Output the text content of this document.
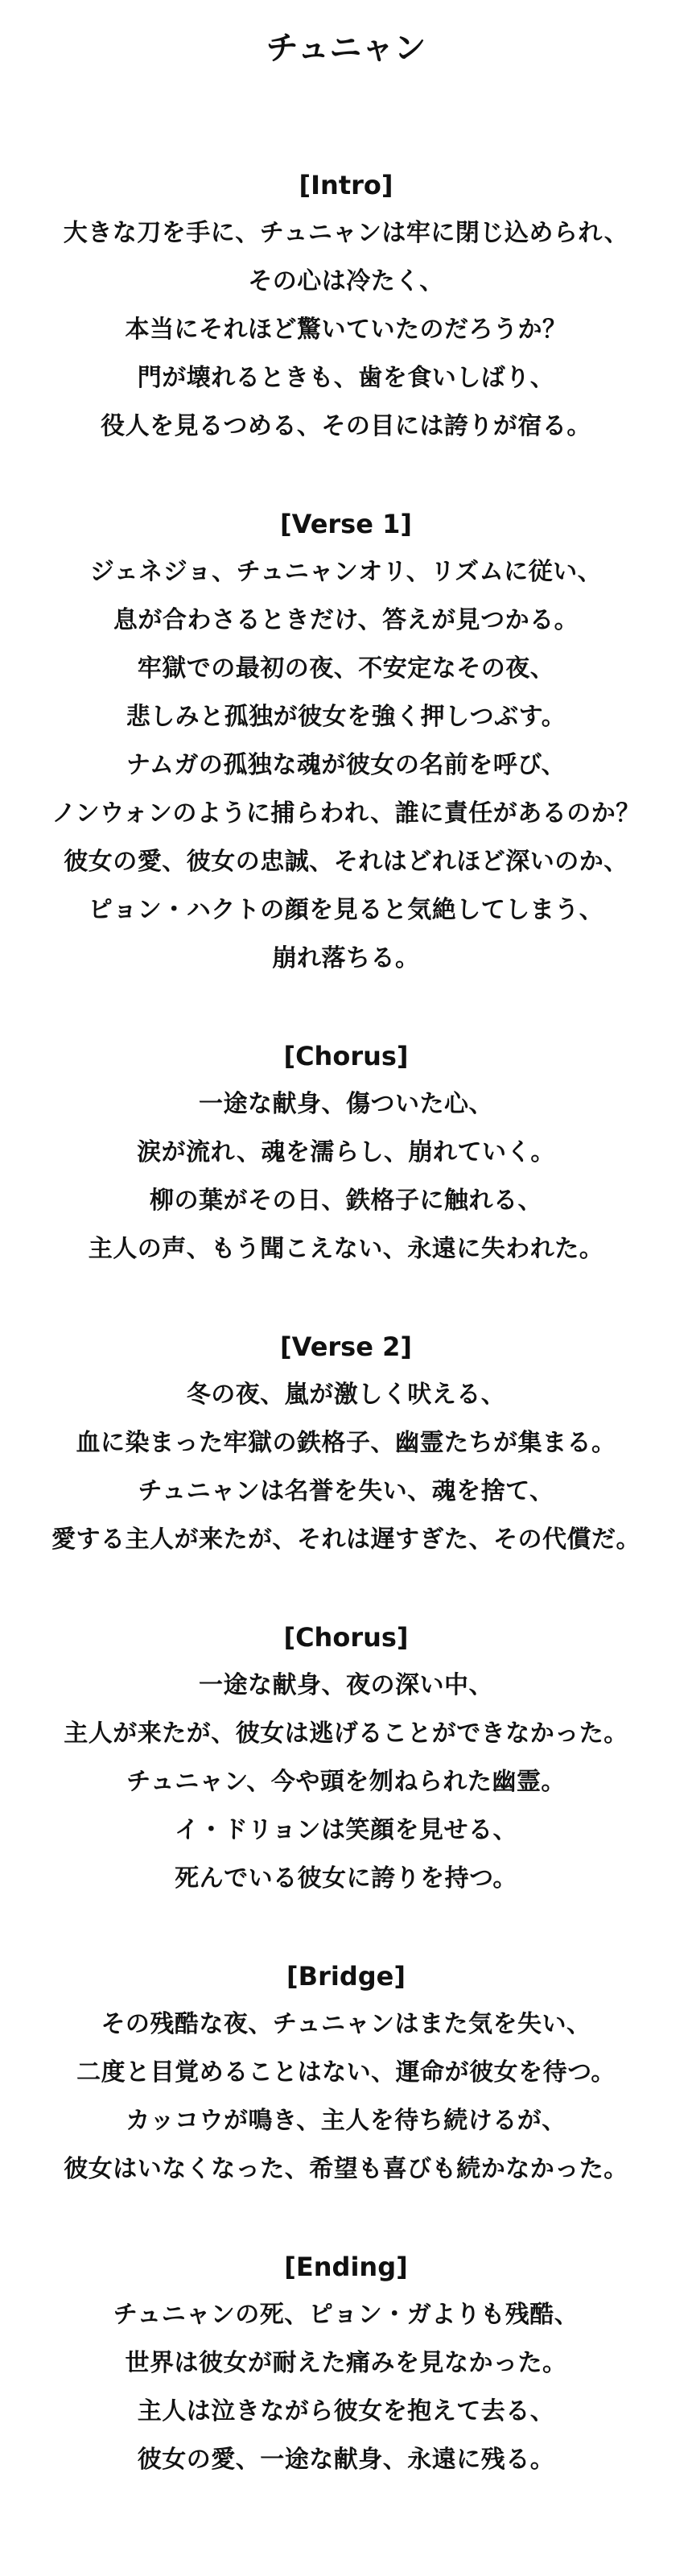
チュニャン
[Intro]
大きな刀を手に、チュニャンは牢に閉じ込められ、
その心は冷たく、
本当にそれほど驚いていたのだろうか？
門が壊れるときも、歯を食いしばり、
役人を見るつめる、その目には誇りが宿る。
[Verse 1]
ジェネジョ、チュニャンオリ、リズムに従い、
息が合わさるときだけ、答えが見つかる。
牢獄での最初の夜、不安定なその夜、
悲しみと孤独が彼女を強く押しつぶす。
ナムガの孤独な魂が彼女の名前を呼び、
ノンウォンのように捕らわれ、誰に責任があるのか？
彼女の愛、彼女の忠誠、それはどれほど深いのか、
ピョン・ハクトの顔を見ると気絶してしまう、
崩れ落ちる。
[Chorus]
一途な献身、傷ついた心、
涙が流れ、魂を濡らし、崩れていく。
柳の葉がその日、鉄格子に触れる、
主人の声、もう聞こえない、永遠に失われた。
[Verse 2]
冬の夜、嵐が激しく吠える、
血に染まった牢獄の鉄格子、幽霊たちが集まる。
チュニャンは名誉を失い、魂を捨て、
愛する主人が来たが、それは遅すぎた、その代償だ。
[Chorus]
一途な献身、夜の深い中、
主人が来たが、彼女は逃げることができなかった。
チュニャン、今や頭を刎ねられた幽霊。
イ・ドリョンは笑顔を見せる、
死んでいる彼女に誇りを持つ。
[Bridge]
その残酷な夜、チュニャンはまた気を失い、
二度と目覚めることはない、運命が彼女を待つ。
カッコウが鳴き、主人を待ち続けるが、
彼女はいなくなった、希望も喜びも続かなかった。
[Ending]
チュニャンの死、ピョン・ガよりも残酷、
世界は彼女が耐えた痛みを見なかった。
主人は泣きながら彼女を抱えて去る、
彼女の愛、一途な献身、永遠に残る。
